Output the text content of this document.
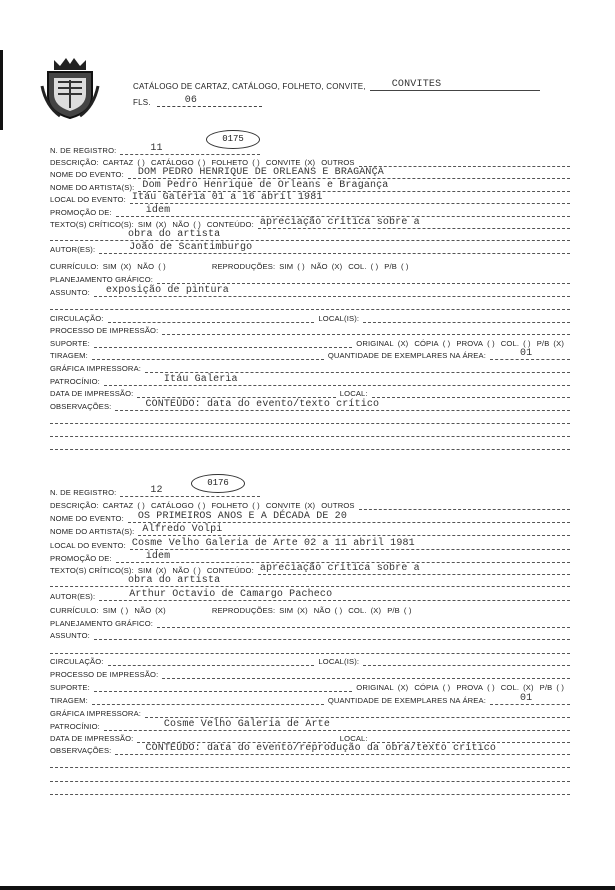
CATÁLOGO DE CARTAZ, CATÁLOGO, FOLHETO, CONVITE,	CONVITES
FLS.	06
0175
N. DE REGISTRO:	11
DESCRIÇÃO: CARTAZ ( ) CATÁLOGO ( ) FOLHETO ( ) CONVITE (X) OUTROS
NOME DO EVENTO: DOM PEDRO HENRIQUE DE ORLEANS E BRAGANÇA
NOME DO ARTISTA(S): Dom Pedro Henrique de Orleans e Bragança
LOCAL DO EVENTO: Itáu Galeria 01 a 16 abril 1981
PROMOÇÃO DE:	idem
TEXTO(S) CRÍTICO(S): SIM (X) NÃO ( ) CONTEÚDO: apreciação crítica sobre a
obra do artista
AUTOR(ES):	João de Scantimburgo
CURRÍCULO: SIM (X) NÃO ( )	REPRODUÇÕES: SIM ( ) NÃO (X) COL. ( ) P/B ( )
PLANEJAMENTO GRÁFICO:
ASSUNTO: exposição de pintura
CIRCULAÇÃO:	LOCAL(IS):
PROCESSO DE IMPRESSÃO:
SUPORTE:	ORIGINAL (X) CÓPIA ( ) PROVA ( ) COL. ( ) P/B (X)
TIRAGEM:	QUANTIDADE DE EXEMPLARES NA ÁREA:	01
GRÁFICA IMPRESSORA:
PATROCÍNIO:	Itáu Galeria
DATA DE IMPRESSÃO:	LOCAL:
OBSERVAÇÕES:	CONTEÚDO: data do evento/texto crítico
0176
N. DE REGISTRO:	12
DESCRIÇÃO: CARTAZ ( ) CATÁLOGO ( ) FOLHETO ( ) CONVITE (X) OUTROS
NOME DO EVENTO: OS PRIMEIROS ANOS E A DÉCADA DE 20
NOME DO ARTISTA(S): Alfredo Volpi
LOCAL DO EVENTO: Cosme Velho Galeria de Arte 02 a 11 abril 1981
PROMOÇÃO DE:	idem
TEXTO(S) CRÍTICO(S): SIM (X) NÃO ( ) CONTEÚDO: apreciação crítica sobre a
obra do artista
AUTOR(ES):	Arthur Octavio de Camargo Pacheco
CURRÍCULO: SIM ( ) NÃO (X)	REPRODUÇÕES: SIM (X) NÃO ( ) COL. (X) P/B ( )
PLANEJAMENTO GRÁFICO:
ASSUNTO:
CIRCULAÇÃO:	LOCAL(IS):
PROCESSO DE IMPRESSÃO:
SUPORTE:	ORIGINAL (X) CÓPIA ( ) PROVA ( ) COL. (X) P/B ( )
TIRAGEM:	QUANTIDADE DE EXEMPLARES NA ÁREA:	01
GRÁFICA IMPRESSORA:
PATROCÍNIO:	Cosme Velho Galeria de Arte
DATA DE IMPRESSÃO:	LOCAL:
OBSERVAÇÕES:	CONTEÚDO: data do evento/reprodução da obra/texto crítico
